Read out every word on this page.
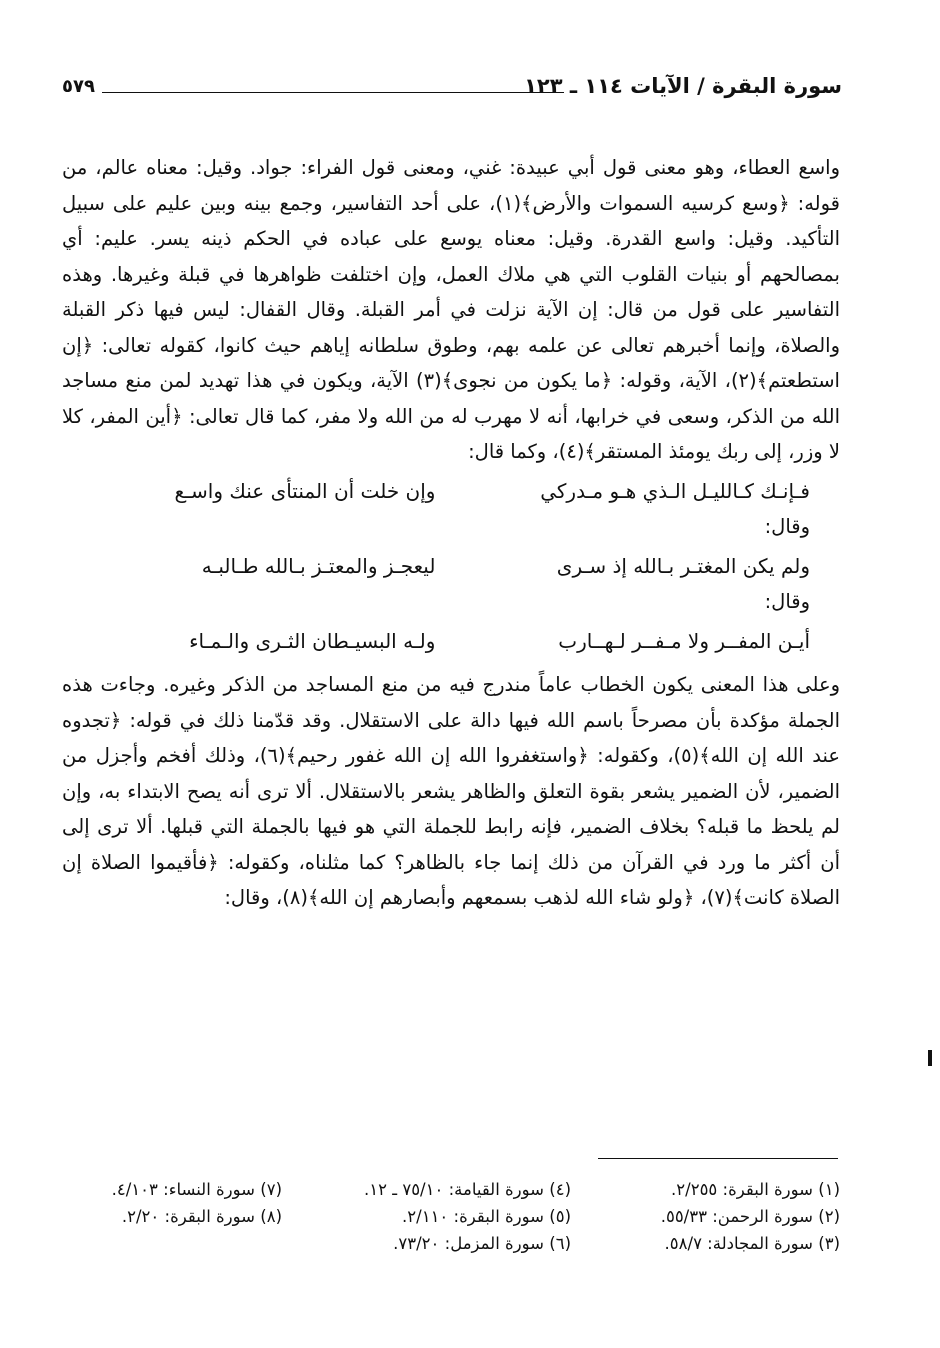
سورة البقرة / الآيات ١١٤ ـ ١٢٣
٥٧٩

واسع العطاء، وهو معنى قول أبي عبيدة: غني، ومعنى قول الفراء: جواد. وقيل: معناه عالم، من قوله: ﴿وسع كرسيه السموات والأرض﴾(١)، على أحد التفاسير، وجمع بينه وبين عليم على سبيل التأكيد. وقيل: واسع القدرة. وقيل: معناه يوسع على عباده في الحكم ذينه يسر. عليم: أي بمصالحهم أو بنيات القلوب التي هي ملاك العمل، وإن اختلفت ظواهرها في قبلة وغيرها. وهذه التفاسير على قول من قال: إن الآية نزلت في أمر القبلة. وقال القفال: ليس فيها ذكر القبلة والصلاة، وإنما أخبرهم تعالى عن علمه بهم، وطوق سلطانه إياهم حيث كانوا، كقوله تعالى: ﴿إن استطعتم﴾(٢)، الآية، وقوله: ﴿ما يكون من نجوى﴾(٣) الآية، ويكون في هذا تهديد لمن منع مساجد الله من الذكر، وسعى في خرابها، أنه لا مهرب له من الله ولا مفر، كما قال تعالى: ﴿أين المفر، كلا لا وزر، إلى ربك يومئذ المستقر﴾(٤)، وكما قال:

فـإنـك كـالليـل الـذي هـو مـدركي
وإن خلت أن المنتأى عنك واسـع

وقال:

ولم يكن المغتـر بـالله إذ سـرى
ليعجـز والمعتـز بـالله طـالبـه

وقال:

أيـن المفــر ولا مـفــر لـهــارب
ولـه البسيـطان الثـرى والـمـاء

وعلى هذا المعنى يكون الخطاب عاماً مندرج فيه من منع المساجد من الذكر وغيره. وجاءت هذه الجملة مؤكدة بأن مصرحاً باسم الله فيها دالة على الاستقلال. وقد قدّمنا ذلك في قوله: ﴿تجدوه عند الله إن الله﴾(٥)، وكقوله: ﴿واستغفروا الله إن الله غفور رحيم﴾(٦)، وذلك أفخم وأجزل من الضمير، لأن الضمير يشعر بقوة التعلق والظاهر يشعر بالاستقلال. ألا ترى أنه يصح الابتداء به، وإن لم يلحظ ما قبله؟ بخلاف الضمير، فإنه رابط للجملة التي هو فيها بالجملة التي قبلها. ألا ترى إلى أن أكثر ما ورد في القرآن من ذلك إنما جاء بالظاهر؟ كما مثلناه، وكقوله: ﴿فأقيموا الصلاة إن الصلاة كانت﴾(٧)، ﴿ولو شاء الله لذهب بسمعهم وأبصارهم إن الله﴾(٨)، وقال:

(١) سورة البقرة: ٢/٢٥٥.
(٢) سورة الرحمن: ٥٥/٣٣.
(٣) سورة المجادلة: ٥٨/٧.
(٤) سورة القيامة: ٧٥/١٠ ـ ١٢.
(٥) سورة البقرة: ٢/١١٠.
(٦) سورة المزمل: ٧٣/٢٠.
(٧) سورة النساء: ٤/١٠٣.
(٨) سورة البقرة: ٢/٢٠.
